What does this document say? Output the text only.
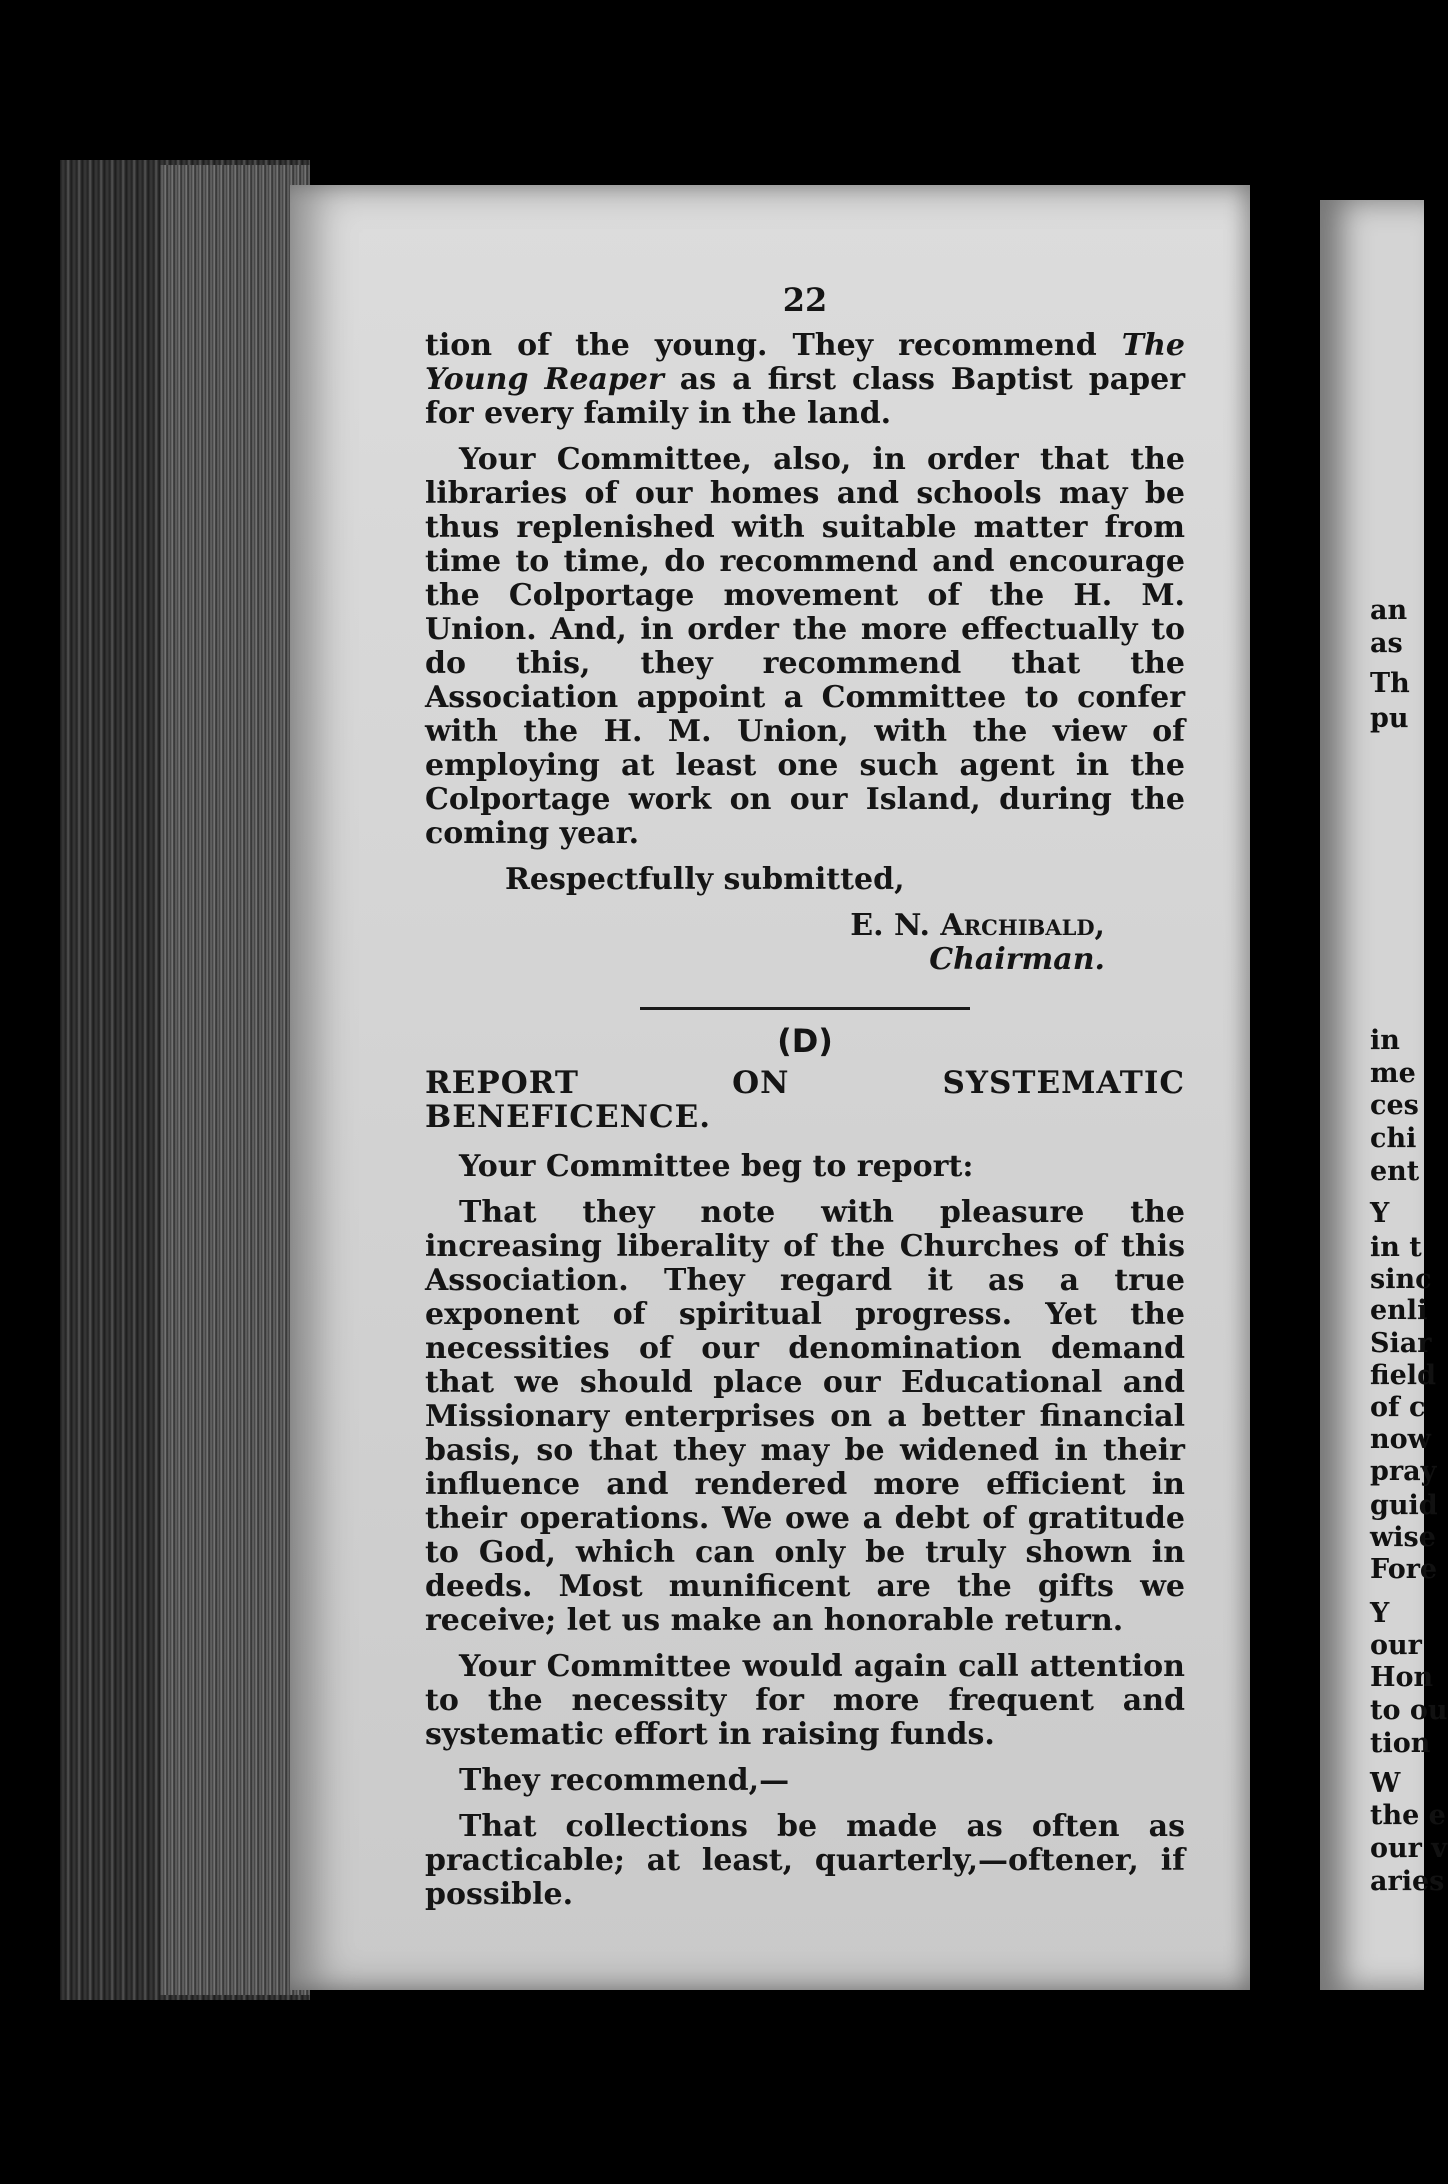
22

tion of the young. They recommend The Young Reaper as a first class Baptist paper for every family in the land.

Your Committee, also, in order that the libraries of our homes and schools may be thus replenished with suitable matter from time to time, do recommend and encourage the Colportage movement of the H. M. Union. And, in order the more effectually to do this, they recommend that the Association appoint a Committee to confer with the H. M. Union, with the view of employing at least one such agent in the Colportage work on our Island, during the coming year.

Respectfully submitted,

E. N. Archibald,
Chairman.
(D)
REPORT ON SYSTEMATIC BENEFICENCE.

Your Committee beg to report:

That they note with pleasure the increasing liberality of the Churches of this Association. They regard it as a true exponent of spiritual progress. Yet the necessities of our denomination demand that we should place our Educational and Missionary enterprises on a better financial basis, so that they may be widened in their influence and rendered more efficient in their operations. We owe a debt of gratitude to God, which can only be truly shown in deeds. Most munificent are the gifts we receive; let us make an honorable return.

Your Committee would again call attention to the necessity for more frequent and systematic effort in raising funds.

They recommend,—

That collections be made as often as practicable; at least, quarterly,—oftener, if possible.

an
as
Th
pu
in
me
ces
chi
ent
Y
in t
sinc
enli
Siar
field
of c
now
pray
guid
wise
Fore
Y
our
Hon
to ou
tion
W
the e
our v
aries
